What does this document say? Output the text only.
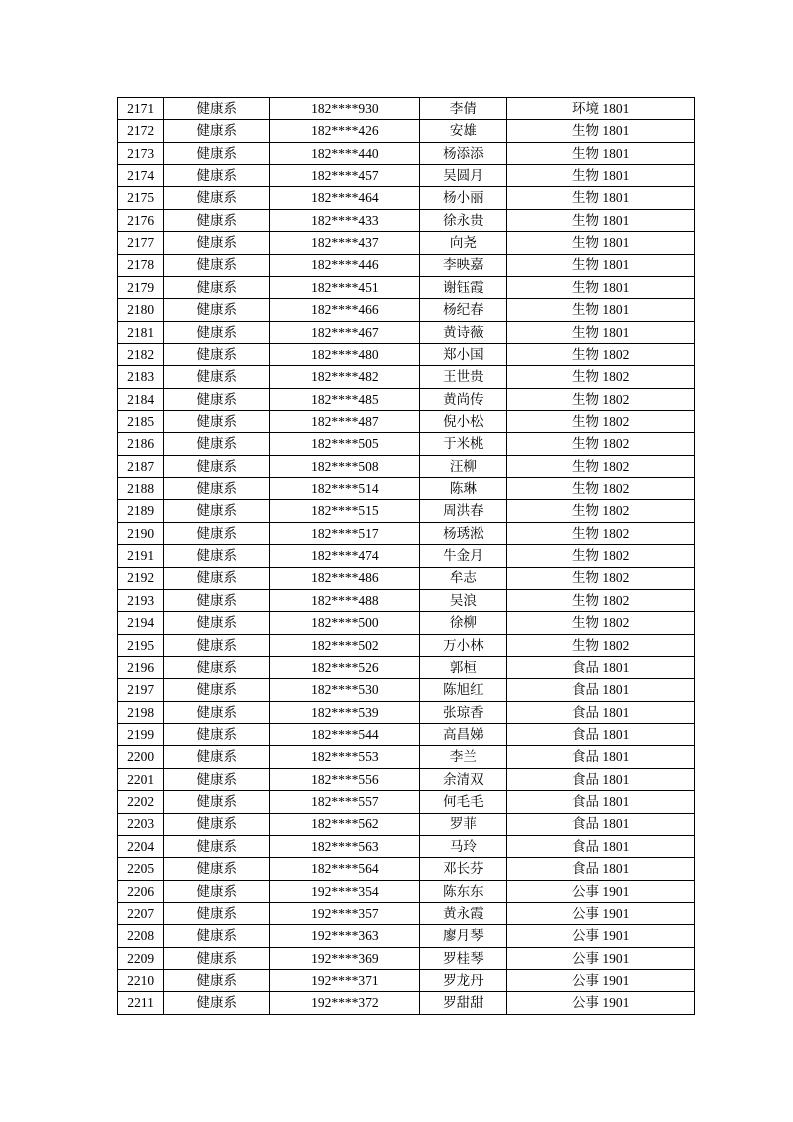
2171	健康系	182****930	李倩	环境 1801
2172	健康系	182****426	安雄	生物 1801
2173	健康系	182****440	杨添添	生物 1801
2174	健康系	182****457	吴圆月	生物 1801
2175	健康系	182****464	杨小丽	生物 1801
2176	健康系	182****433	徐永贵	生物 1801
2177	健康系	182****437	向尧	生物 1801
2178	健康系	182****446	李映嘉	生物 1801
2179	健康系	182****451	谢钰霞	生物 1801
2180	健康系	182****466	杨纪春	生物 1801
2181	健康系	182****467	黄诗薇	生物 1801
2182	健康系	182****480	郑小国	生物 1802
2183	健康系	182****482	王世贵	生物 1802
2184	健康系	182****485	黄尚传	生物 1802
2185	健康系	182****487	倪小松	生物 1802
2186	健康系	182****505	于米桃	生物 1802
2187	健康系	182****508	汪柳	生物 1802
2188	健康系	182****514	陈琳	生物 1802
2189	健康系	182****515	周洪春	生物 1802
2190	健康系	182****517	杨琇淞	生物 1802
2191	健康系	182****474	牛金月	生物 1802
2192	健康系	182****486	牟志	生物 1802
2193	健康系	182****488	吴浪	生物 1802
2194	健康系	182****500	徐柳	生物 1802
2195	健康系	182****502	万小林	生物 1802
2196	健康系	182****526	郭桓	食品 1801
2197	健康系	182****530	陈旭红	食品 1801
2198	健康系	182****539	张琼香	食品 1801
2199	健康系	182****544	高昌娣	食品 1801
2200	健康系	182****553	李兰	食品 1801
2201	健康系	182****556	余清双	食品 1801
2202	健康系	182****557	何毛毛	食品 1801
2203	健康系	182****562	罗菲	食品 1801
2204	健康系	182****563	马玲	食品 1801
2205	健康系	182****564	邓长芬	食品 1801
2206	健康系	192****354	陈东东	公事 1901
2207	健康系	192****357	黄永霞	公事 1901
2208	健康系	192****363	廖月琴	公事 1901
2209	健康系	192****369	罗桂琴	公事 1901
2210	健康系	192****371	罗龙丹	公事 1901
2211	健康系	192****372	罗甜甜	公事 1901
